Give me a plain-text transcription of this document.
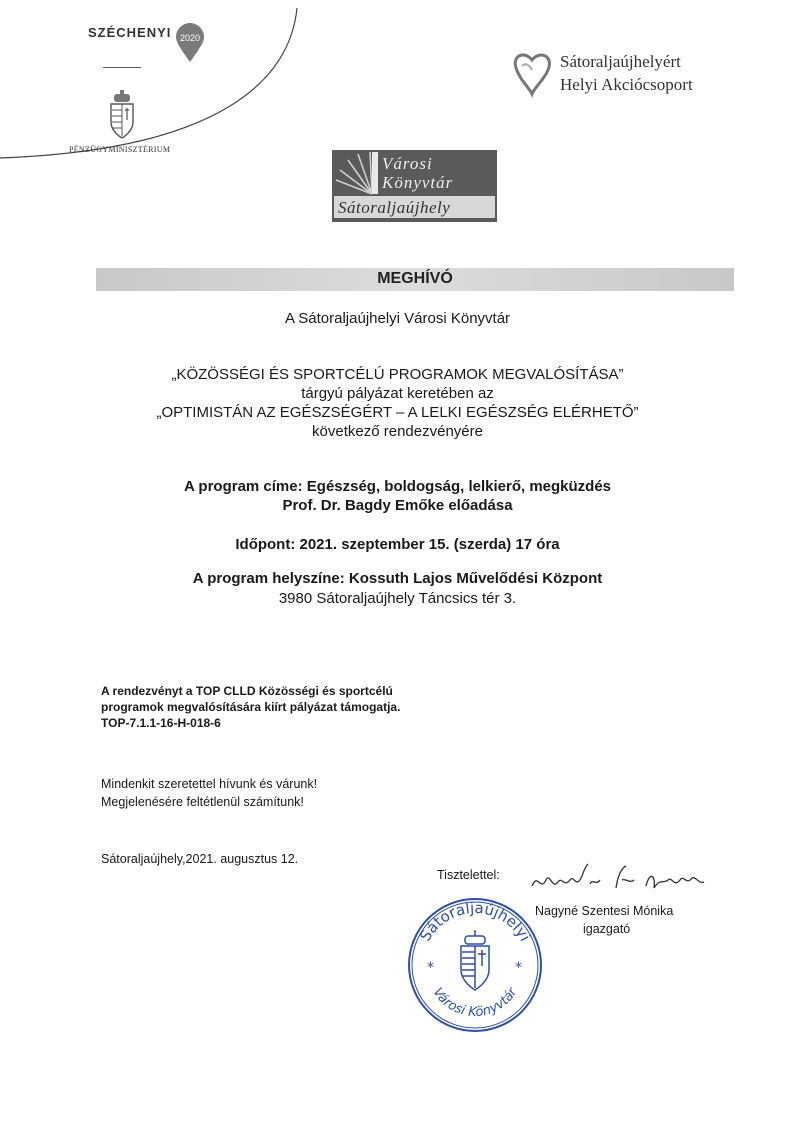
SZÉCHENYI 2020
PÉNZÜGYMINISZTÉRIUM
Sátoraljaújhelyért
Helyi Akciócsoport
Városi
Könyvtár
Sátoraljaújhely
MEGHÍVÓ
A Sátoraljaújhelyi Városi Könyvtár
„KÖZÖSSÉGI ÉS SPORTCÉLÚ PROGRAMOK MEGVALÓSÍTÁSA”
tárgyú pályázat keretében az
„OPTIMISTÁN AZ EGÉSZSÉGÉRT – A LELKI EGÉSZSÉG ELÉRHETŐ”
következő rendezvényére
A program címe: Egészség, boldogság, lelkierő, megküzdés
Prof. Dr. Bagdy Emőke előadása
Időpont: 2021. szeptember 15. (szerda) 17 óra
A program helyszíne: Kossuth Lajos Művelődési Központ
3980 Sátoraljaújhely Táncsics tér 3.
A rendezvényt a TOP CLLD Közösségi és sportcélú
programok megvalósítására kiírt pályázat támogatja.
TOP-7.1.1-16-H-018-6
Mindenkit szeretettel hívunk és várunk!
Megjelenésére feltétlenül számítunk!
Sátoraljaújhely,2021. augusztus 12.
Tisztelettel:
Nagyné Szentesi Mónika
igazgató
Sátoraljaújhelyi
Városi Könyvtár
*	*
